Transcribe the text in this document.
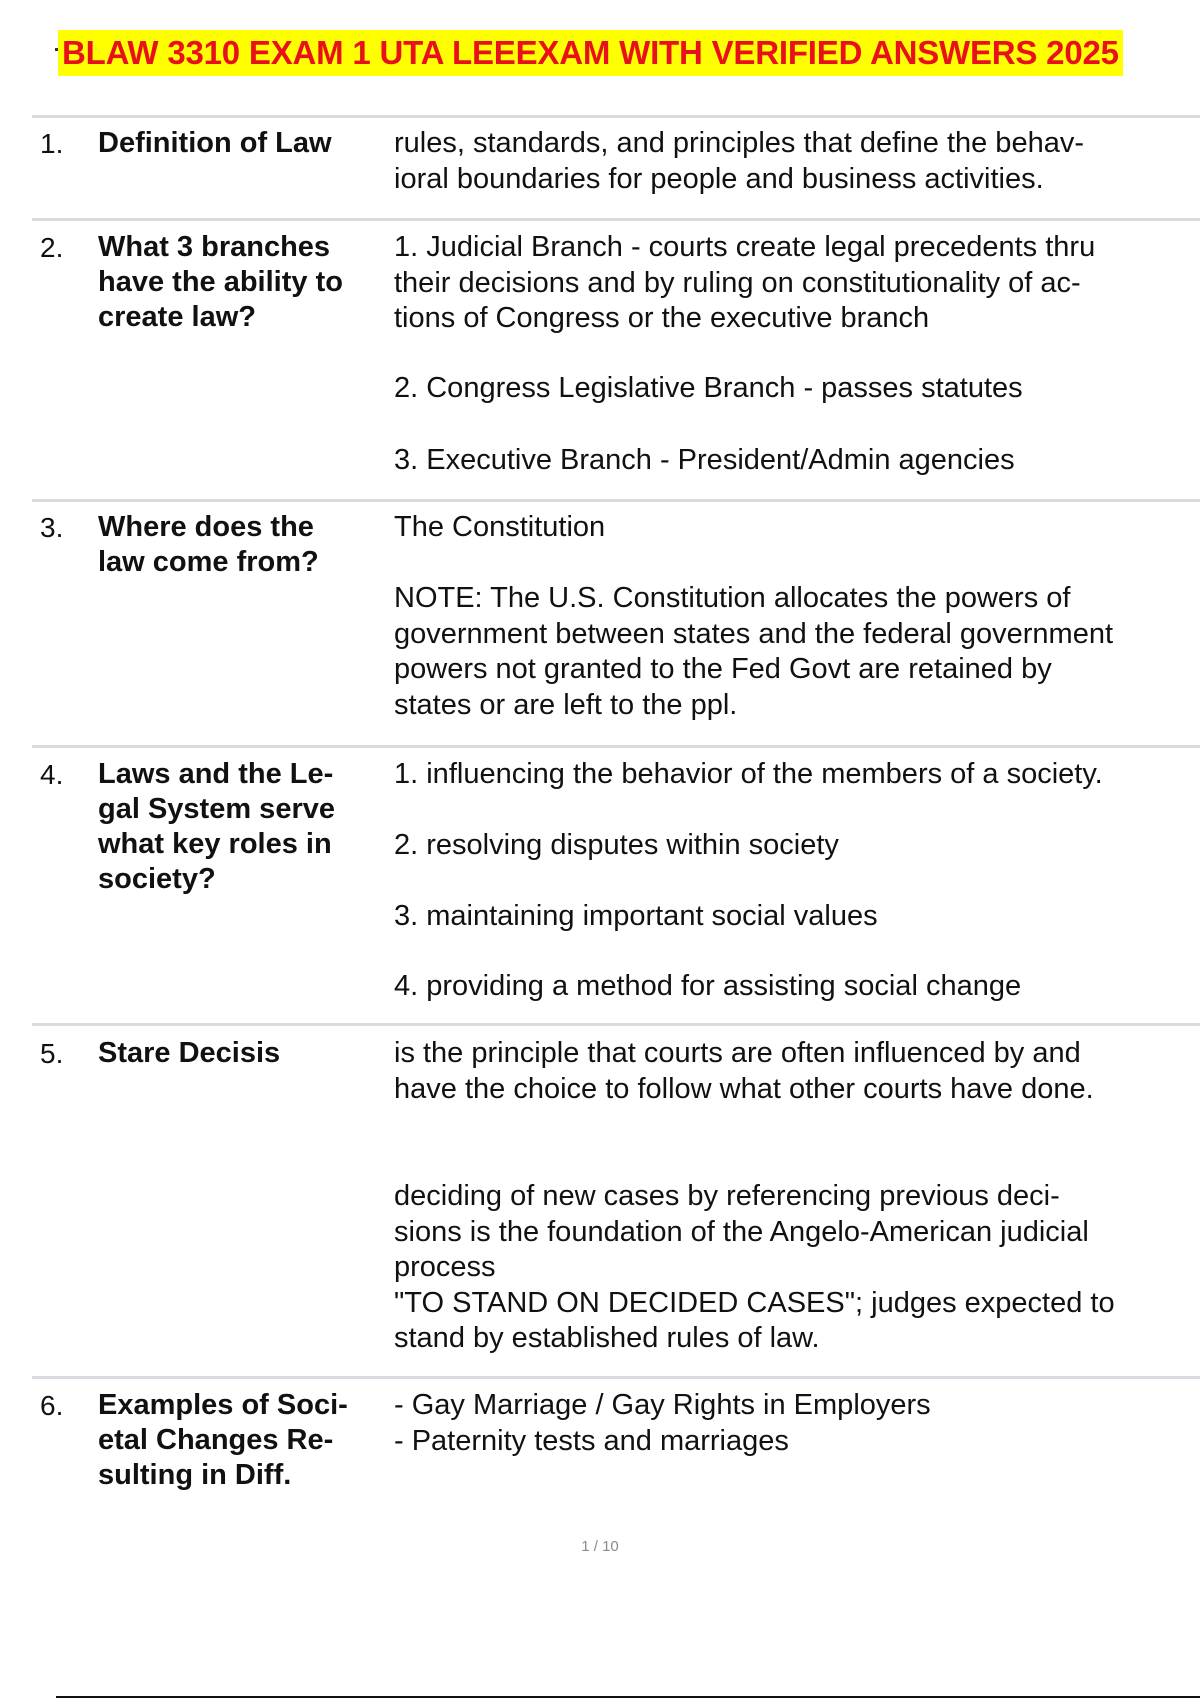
BLAW 3310 EXAM 1 UTA LEEEXAM WITH VERIFIED ANSWERS 2025
1. Definition of Law	rules, standards, and principles that define the behav-
ioral boundaries for people and business activities.
2. What 3 branches
have the ability to
create law?
1. Judicial Branch - courts create legal precedents thru
their decisions and by ruling on constitutionality of ac-
tions of Congress or the executive branch
2. Congress Legislative Branch - passes statutes
3. Executive Branch - President/Admin agencies
3. Where does the
law come from?
The Constitution
NOTE: The U.S. Constitution allocates the powers of
government between states and the federal government
powers not granted to the Fed Govt are retained by
states or are left to the ppl.
4. Laws and the Le-
gal System serve
what key roles in
society?
1. influencing the behavior of the members of a society.
2. resolving disputes within society
3. maintaining important social values
4. providing a method for assisting social change
5. Stare Decisis	is the principle that courts are often influenced by and
have the choice to follow what other courts have done.
deciding of new cases by referencing previous deci-
sions is the foundation of the Angelo-American judicial
process
"TO STAND ON DECIDED CASES"; judges expected to
stand by established rules of law.
6. Examples of Soci-
etal Changes Re-
sulting in Diff.
- Gay Marriage / Gay Rights in Employers
- Paternity tests and marriages
1 / 10
